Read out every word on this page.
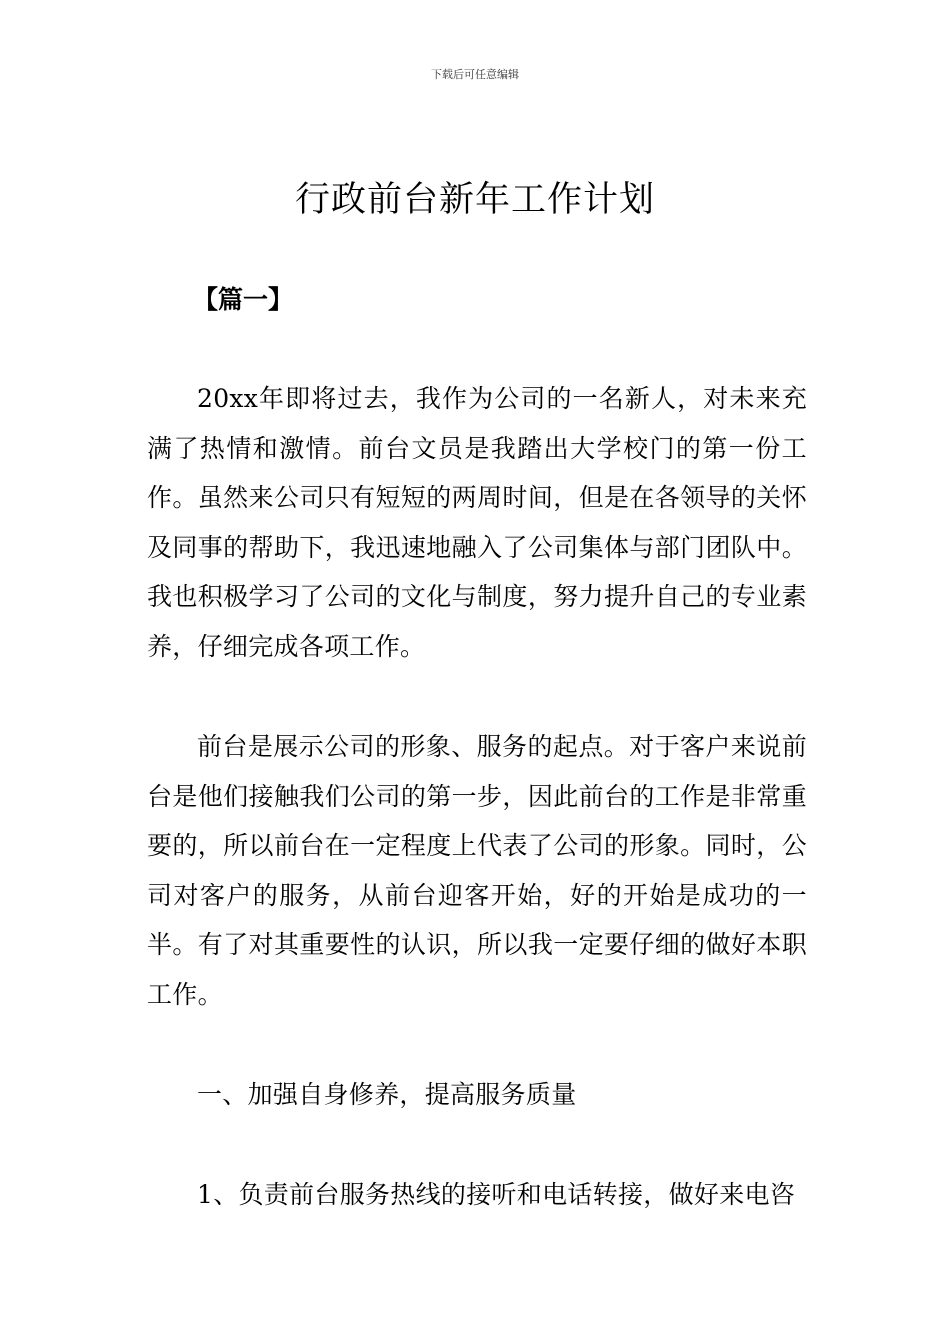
下载后可任意编辑

行政前台新年工作计划

【篇一】

20xx年即将过去，我作为公司的一名新人，对未来充满了热情和激情。前台文员是我踏出大学校门的第一份工作。虽然来公司只有短短的两周时间，但是在各领导的关怀及同事的帮助下，我迅速地融入了公司集体与部门团队中。我也积极学习了公司的文化与制度，努力提升自己的专业素养，仔细完成各项工作。

前台是展示公司的形象、服务的起点。对于客户来说前台是他们接触我们公司的第一步，因此前台的工作是非常重要的，所以前台在一定程度上代表了公司的形象。同时，公司对客户的服务，从前台迎客开始，好的开始是成功的一半。有了对其重要性的认识，所以我一定要仔细的做好本职工作。

一、加强自身修养，提高服务质量

1、负责前台服务热线的接听和电话转接，做好来电咨
